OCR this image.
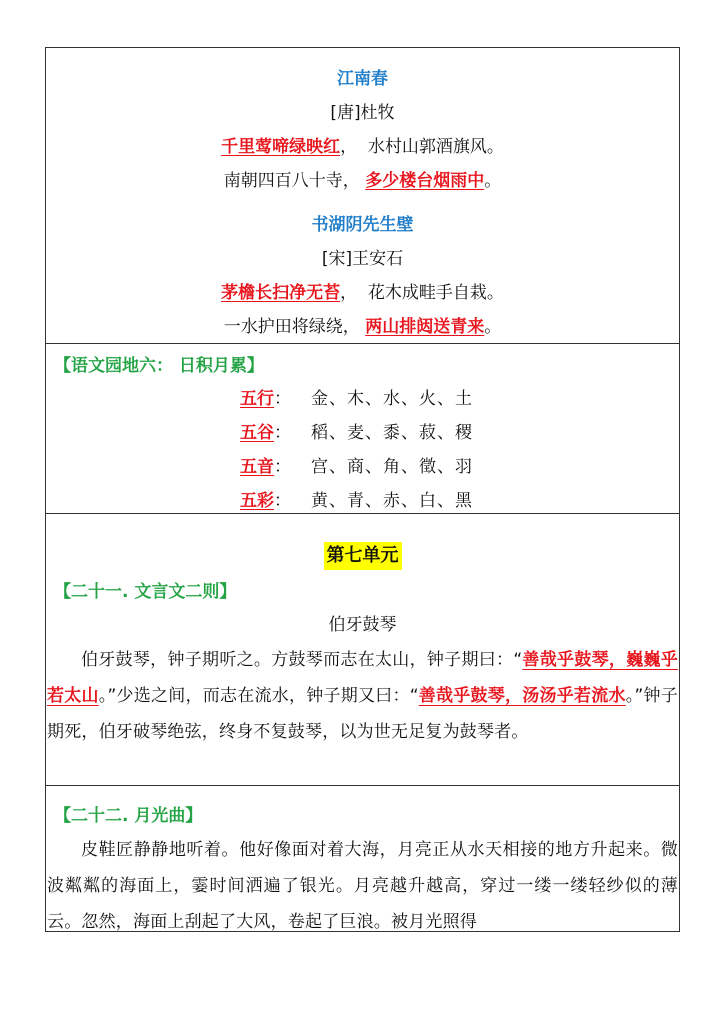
江南春
[唐]杜牧
千里莺啼绿映红， 水村山郭酒旗风。
南朝四百八十寺， 多少楼台烟雨中。
书湖阴先生壁
[宋]王安石
茅檐长扫净无苔， 花木成畦手自栽。
一水护田将绿绕， 两山排闼送青来。
【语文园地六： 日积月累】
五行： 金、木、水、火、土
五谷： 稻、麦、黍、菽、稷
五音： 宫、商、角、徵、羽
五彩： 黄、青、赤、白、黑
第七单元
【二十一. 文言文二则】
伯牙鼓琴
伯牙鼓琴，钟子期听之。方鼓琴而志在太山，钟子期曰：“善哉乎鼓琴，巍巍乎若太山。”少选之间，而志在流水，钟子期又曰：“善哉乎鼓琴，汤汤乎若流水。”钟子期死，伯牙破琴绝弦，终身不复鼓琴，以为世无足复为鼓琴者。
【二十二. 月光曲】
皮鞋匠静静地听着。他好像面对着大海，月亮正从水天相接的地方升起来。微波粼粼的海面上，霎时间洒遍了银光。月亮越升越高，穿过一缕一缕轻纱似的薄云。忽然，海面上刮起了大风，卷起了巨浪。被月光照得
